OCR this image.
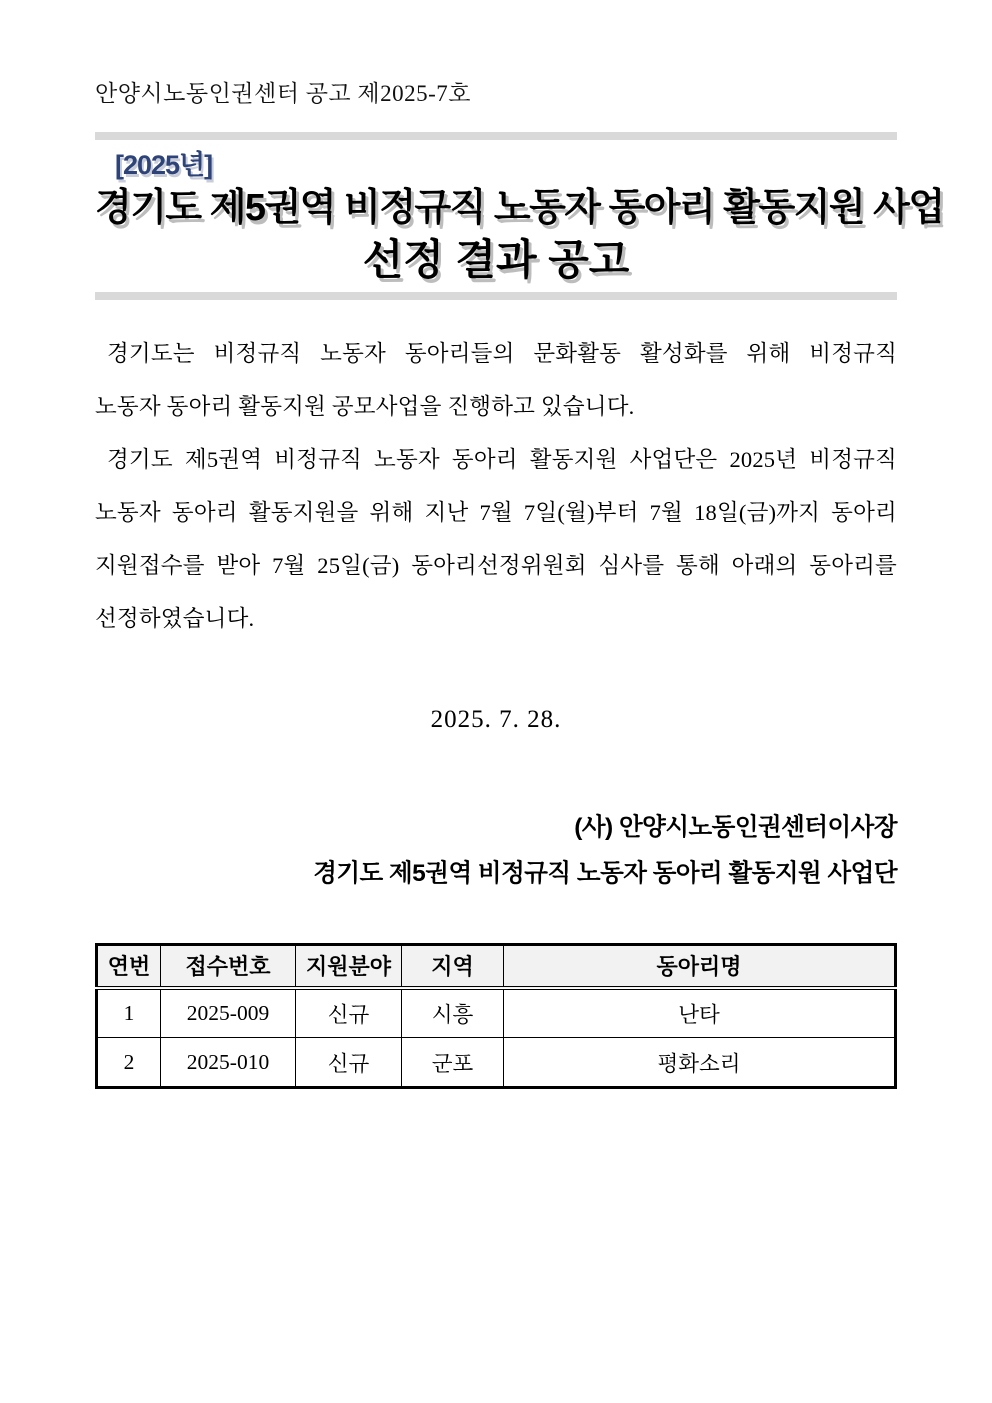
안양시노동인권센터 공고 제2025-7호
[2025년]
경기도 제5권역 비정규직 노동자 동아리 활동지원 사업
선정 결과 공고
경기도는 비정규직 노동자 동아리들의 문화활동 활성화를 위해 비정규직
노동자 동아리 활동지원 공모사업을 진행하고 있습니다.
경기도 제5권역 비정규직 노동자 동아리 활동지원 사업단은 2025년 비정규직
노동자 동아리 활동지원을 위해 지난 7월 7일(월)부터 7월 18일(금)까지 동아리
지원접수를 받아 7월 25일(금) 동아리선정위원회 심사를 통해 아래의 동아리를
선정하였습니다.
2025. 7. 28.
(사) 안양시노동인권센터이사장
경기도 제5권역 비정규직 노동자 동아리 활동지원 사업단
연번	접수번호	지원분야	지역	동아리명
1	2025-009	신규	시흥	난타
2	2025-010	신규	군포	평화소리
